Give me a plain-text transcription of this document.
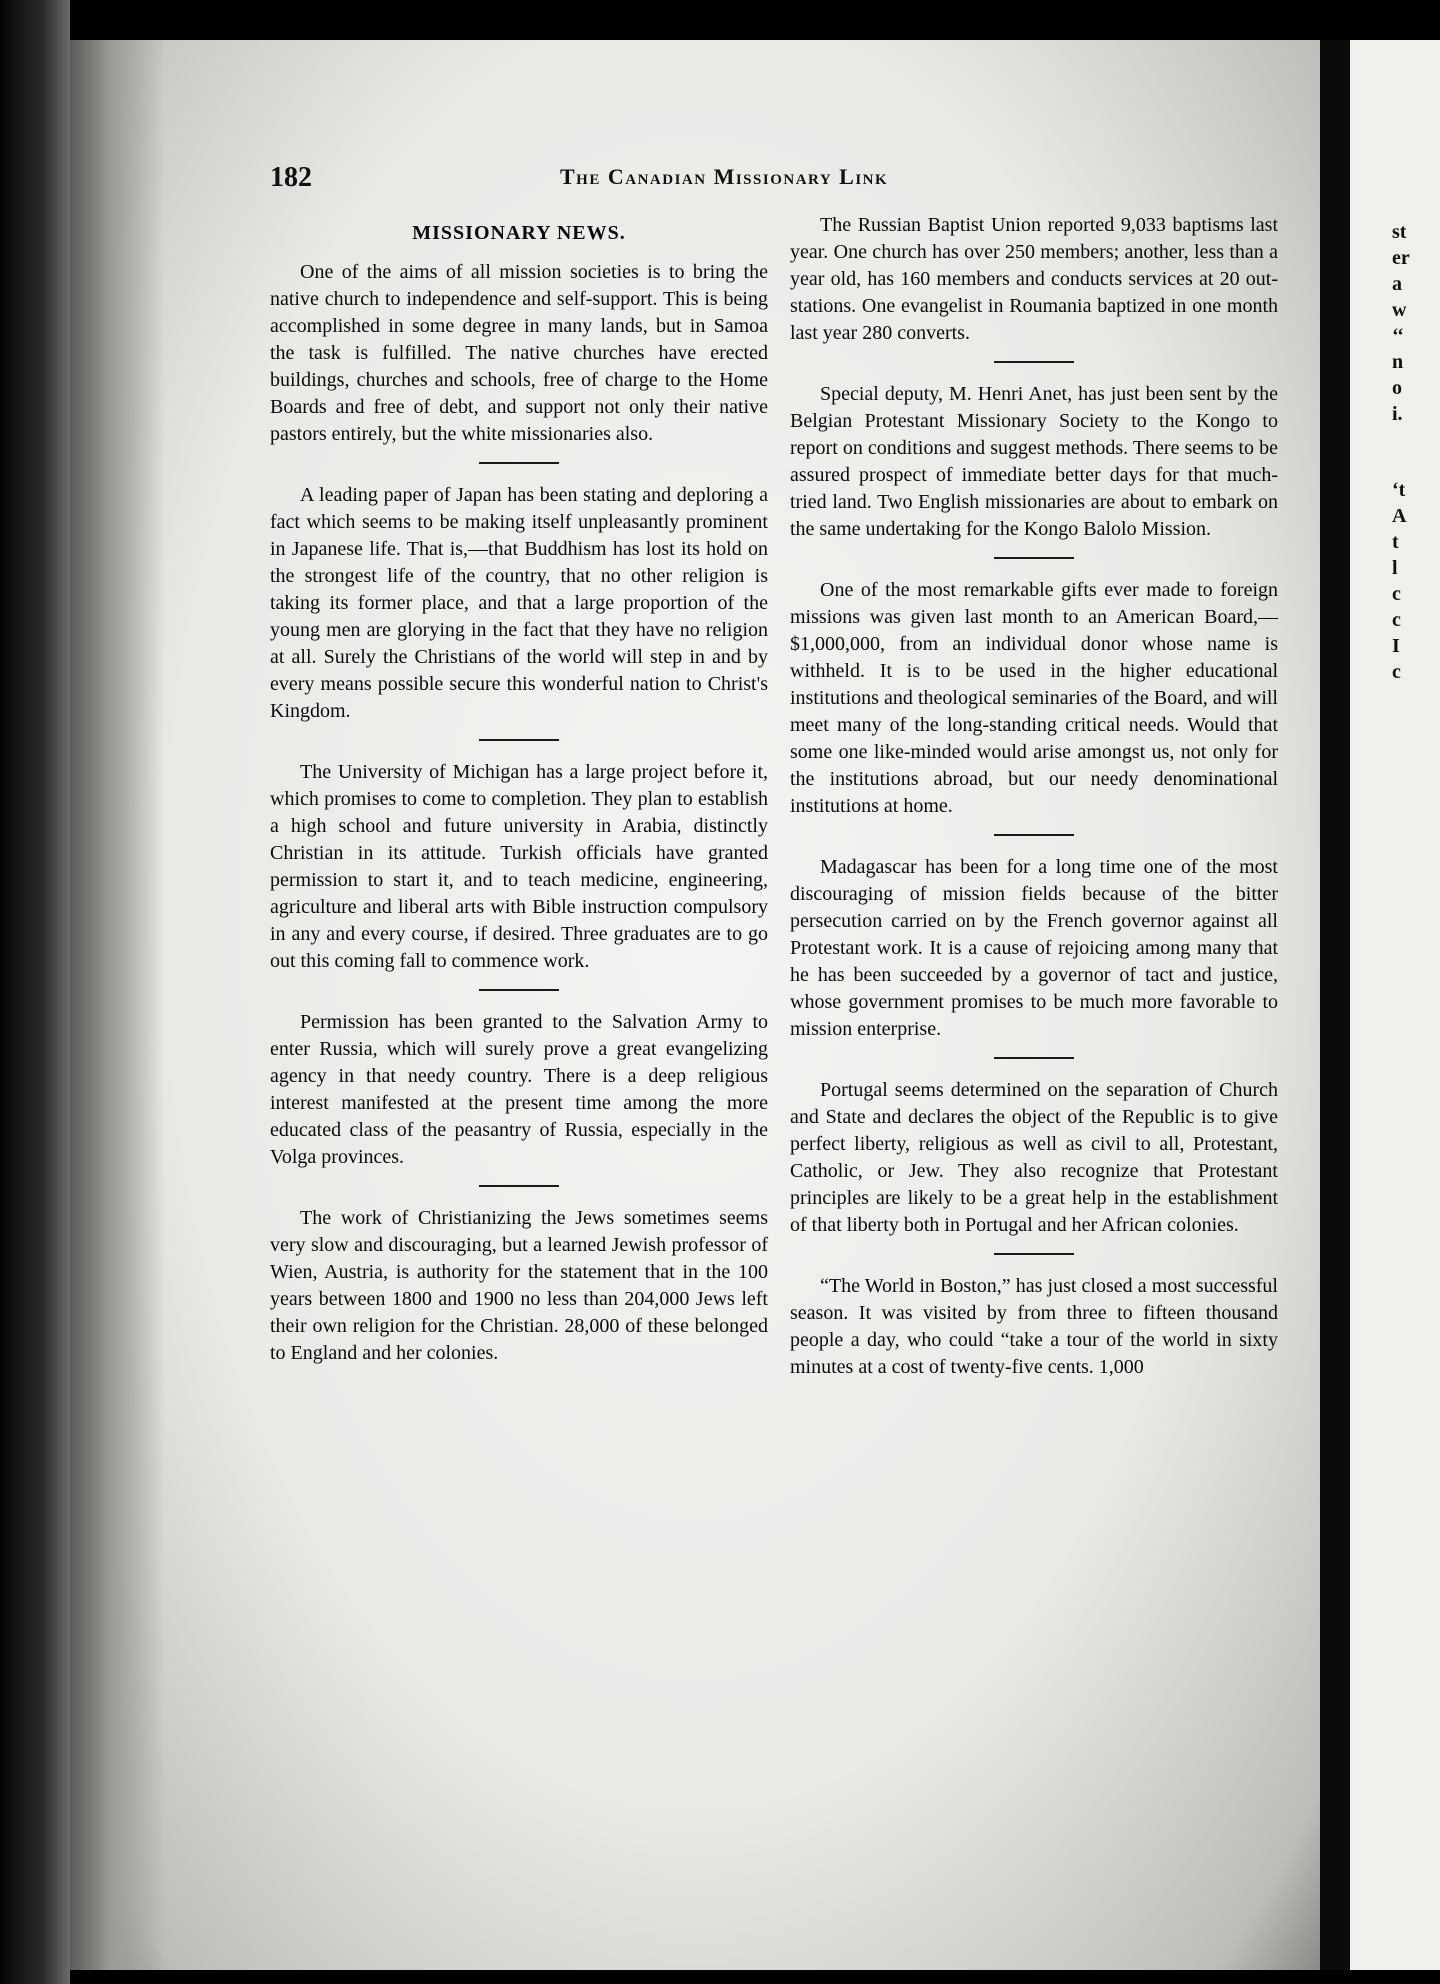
st
er
a
w
‘‘
n
o
i.
‘t
A
t
l
c
c
I
c
182	The Canadian Missionary Link
MISSIONARY NEWS.

One of the aims of all mission societies is to bring the native church to independence and self-support. This is being accomplished in some degree in many lands, but in Samoa the task is fulfilled. The native churches have erected buildings, churches and schools, free of charge to the Home Boards and free of debt, and support not only their native pastors entirely, but the white missionaries also.

A leading paper of Japan has been stating and deploring a fact which seems to be making itself unpleasantly prominent in Japanese life. That is,—that Buddhism has lost its hold on the strongest life of the country, that no other religion is taking its former place, and that a large proportion of the young men are glorying in the fact that they have no religion at all. Surely the Christians of the world will step in and by every means possible secure this wonderful nation to Christ's Kingdom.

The University of Michigan has a large project before it, which promises to come to completion. They plan to establish a high school and future university in Arabia, distinctly Christian in its attitude. Turkish officials have granted permission to start it, and to teach medicine, engineering, agriculture and liberal arts with Bible instruction compulsory in any and every course, if desired. Three graduates are to go out this coming fall to commence work.

Permission has been granted to the Salvation Army to enter Russia, which will surely prove a great evangelizing agency in that needy country. There is a deep religious interest manifested at the present time among the more educated class of the peasantry of Russia, especially in the Volga provinces.

The work of Christianizing the Jews sometimes seems very slow and discouraging, but a learned Jewish professor of Wien, Austria, is authority for the statement that in the 100 years between 1800 and 1900 no less than 204,000 Jews left their own religion for the Christian. 28,000 of these belonged to England and her colonies.

The Russian Baptist Union reported 9,033 baptisms last year. One church has over 250 members; another, less than a year old, has 160 members and conducts services at 20 out-stations. One evangelist in Roumania baptized in one month last year 280 converts.

Special deputy, M. Henri Anet, has just been sent by the Belgian Protestant Missionary Society to the Kongo to report on conditions and suggest methods. There seems to be assured prospect of immediate better days for that much-tried land. Two English missionaries are about to embark on the same undertaking for the Kongo Balolo Mission.

One of the most remarkable gifts ever made to foreign missions was given last month to an American Board,—$1,000,000, from an individual donor whose name is withheld. It is to be used in the higher educational institutions and theological seminaries of the Board, and will meet many of the long-standing critical needs. Would that some one like-minded would arise amongst us, not only for the institutions abroad, but our needy denominational institutions at home.

Madagascar has been for a long time one of the most discouraging of mission fields because of the bitter persecution carried on by the French governor against all Protestant work. It is a cause of rejoicing among many that he has been succeeded by a governor of tact and justice, whose government promises to be much more favorable to mission enterprise.

Portugal seems determined on the separation of Church and State and declares the object of the Republic is to give perfect liberty, religious as well as civil to all, Protestant, Catholic, or Jew. They also recognize that Protestant principles are likely to be a great help in the establishment of that liberty both in Portugal and her African colonies.

“The World in Boston,” has just closed a most successful season. It was visited by from three to fifteen thousand people a day, who could “take a tour of the world in sixty minutes at a cost of twenty-five cents. 1,000
